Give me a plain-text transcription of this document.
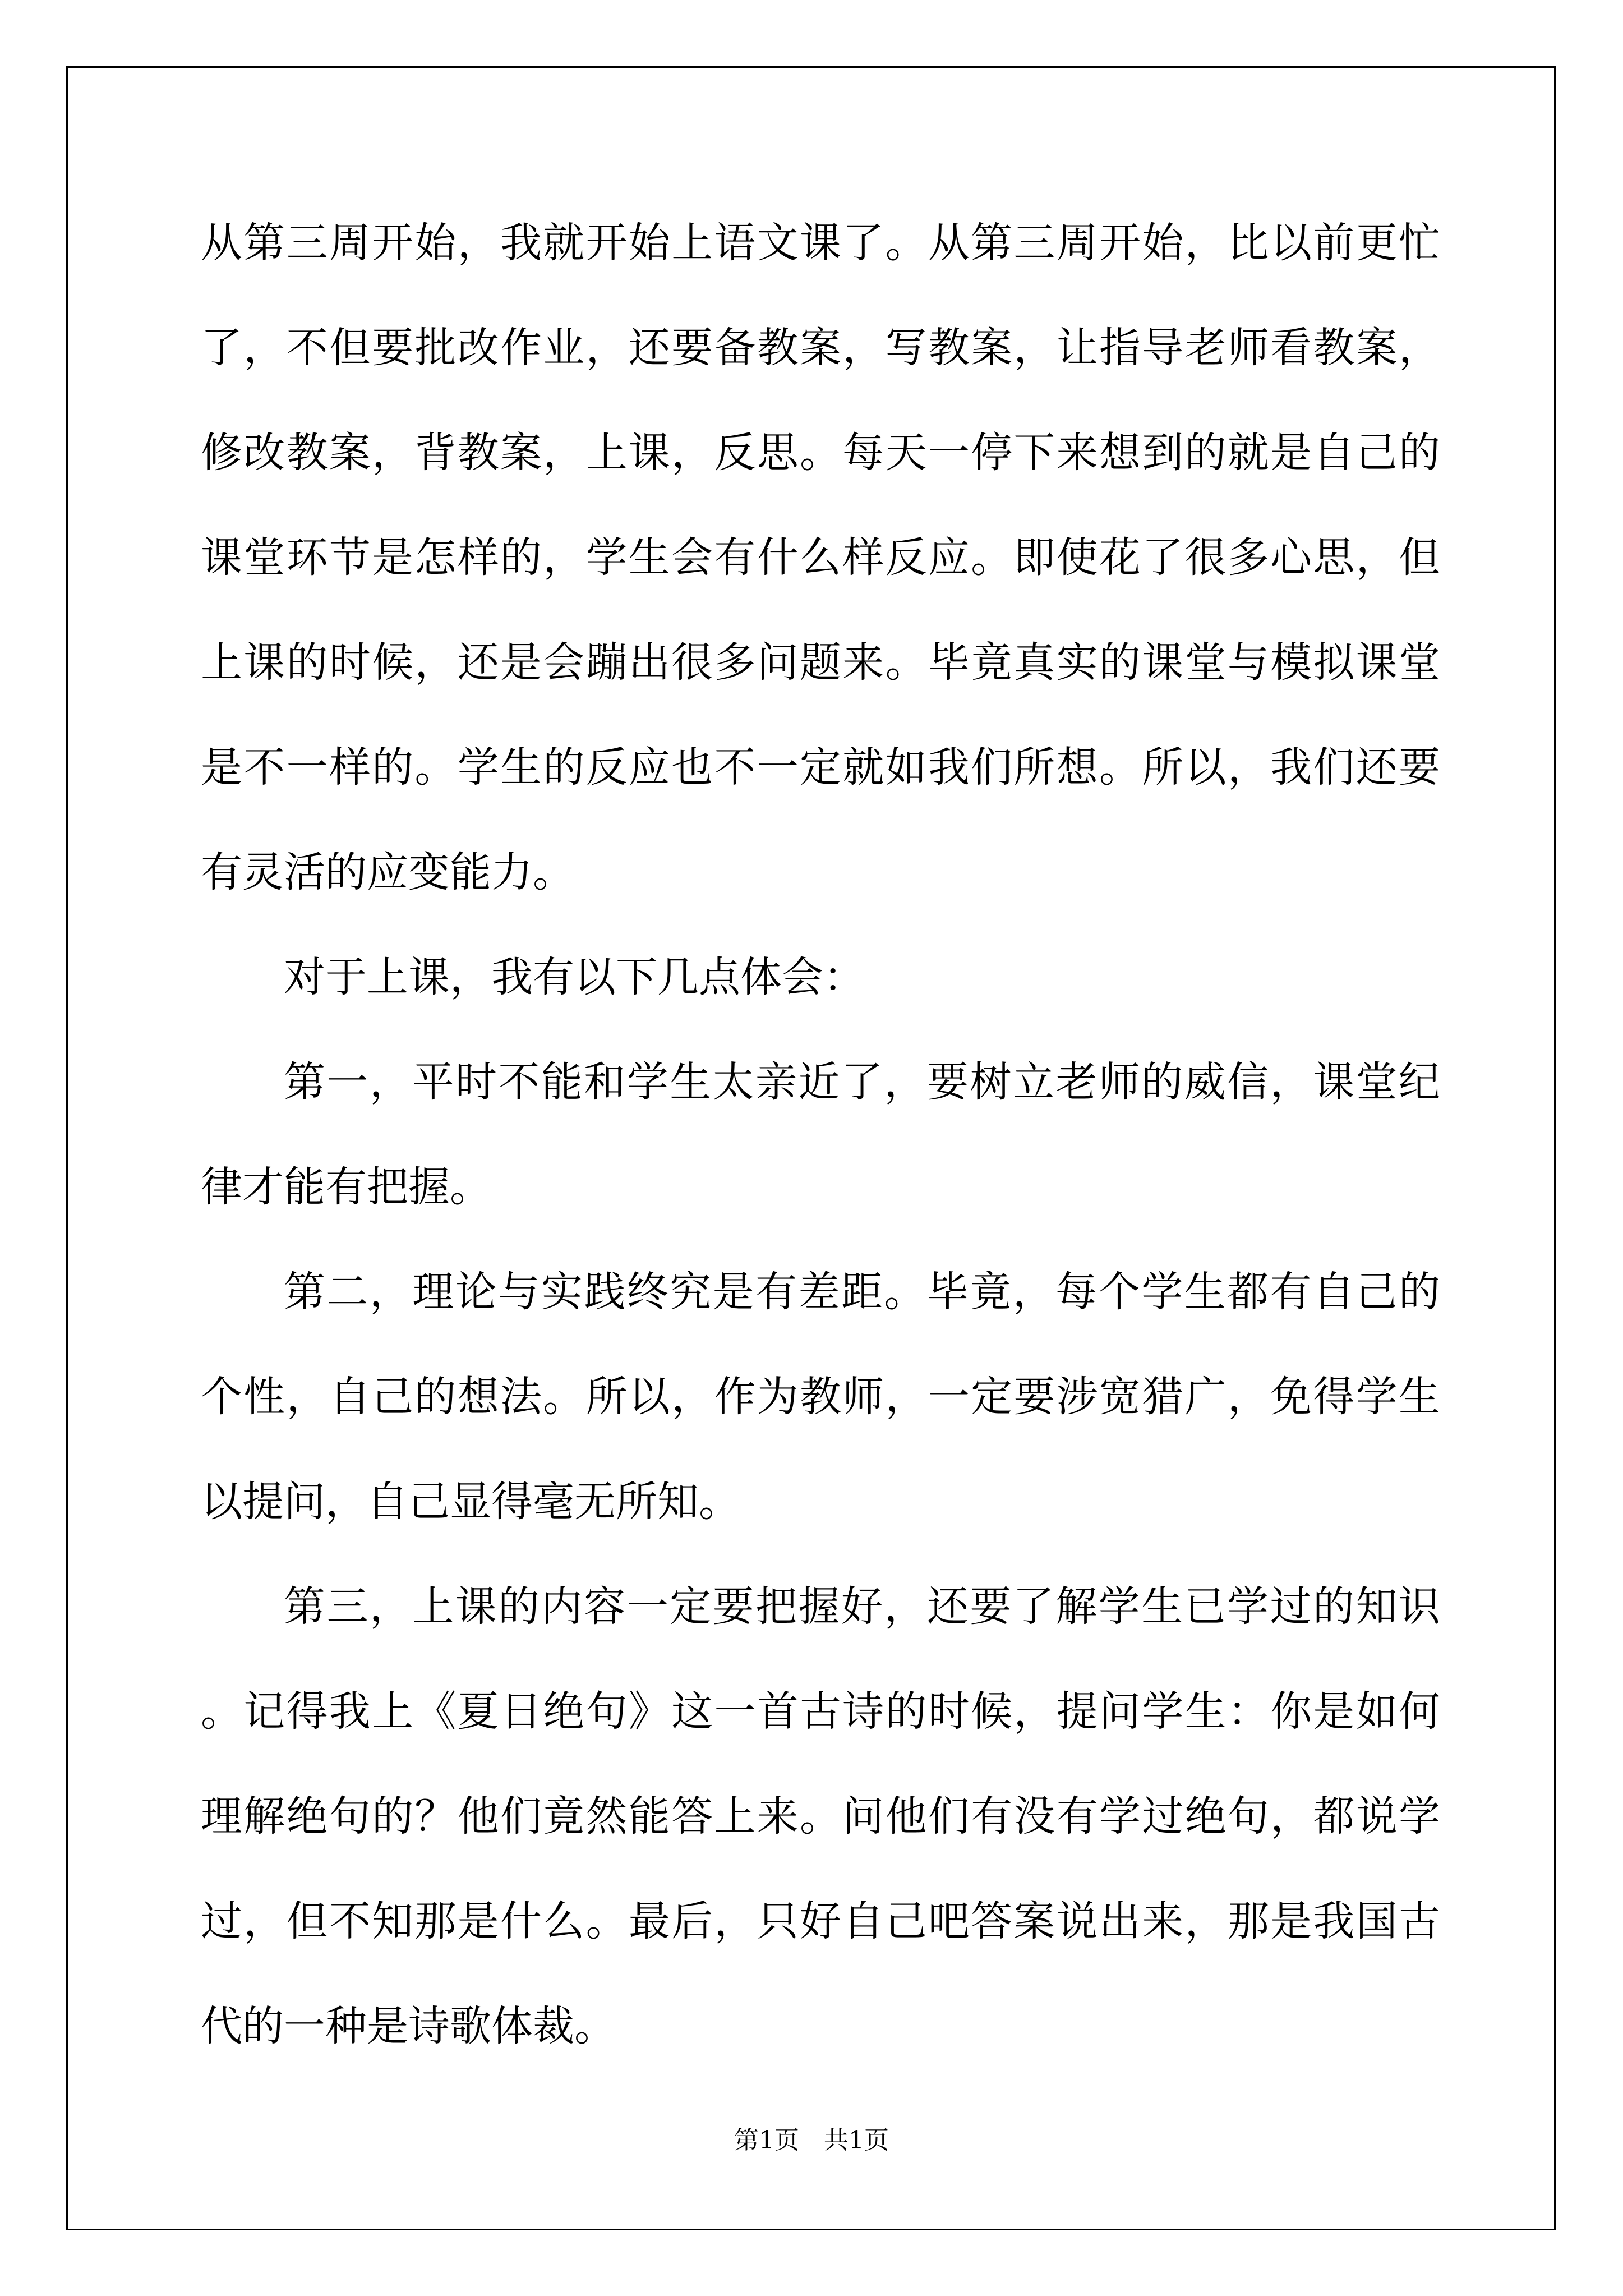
从第三周开始，我就开始上语文课了。从第三周开始，比以前更忙了，不但要批改作业，还要备教案，写教案，让指导老师看教案，修改教案，背教案，上课，反思。每天一停下来想到的就是自己的课堂环节是怎样的，学生会有什么样反应。即使花了很多心思，但上课的时候，还是会蹦出很多问题来。毕竟真实的课堂与模拟课堂是不一样的。学生的反应也不一定就如我们所想。所以，我们还要有灵活的应变能力。

对于上课，我有以下几点体会：

第一，平时不能和学生太亲近了，要树立老师的威信，课堂纪律才能有把握。

第二，理论与实践终究是有差距。毕竟，每个学生都有自己的个性，自己的想法。所以，作为教师，一定要涉宽猎广，免得学生以提问，自己显得毫无所知。

第三，上课的内容一定要把握好，还要了解学生已学过的知识。记得我上《夏日绝句》这一首古诗的时候，提问学生：你是如何理解绝句的？他们竟然能答上来。问他们有没有学过绝句，都说学过，但不知那是什么。最后，只好自己吧答案说出来，那是我国古代的一种是诗歌体裁。

第1页 共1页
